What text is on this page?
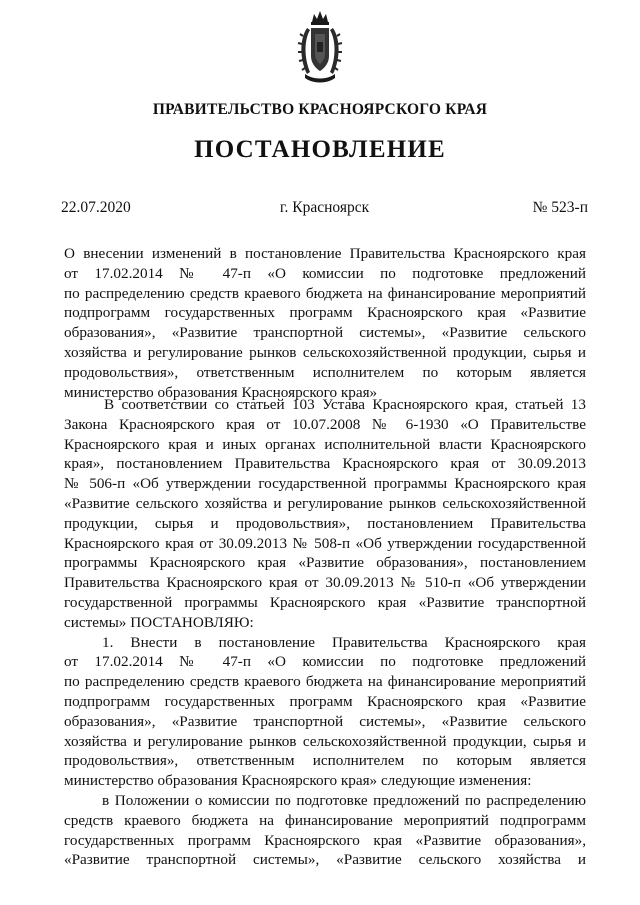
ПРАВИТЕЛЬСТВО КРАСНОЯРСКОГО КРАЯ
ПОСТАНОВЛЕНИЕ
22.07.2020	г. Красноярск	№ 523-п
О внесении изменений в постановление Правительства Красноярского края
от 17.02.2014 № 47-п «О комиссии по подготовке предложений
по распределению средств краевого бюджета на финансирование мероприятий
подпрограмм государственных программ Красноярского края «Развитие
образования», «Развитие транспортной системы», «Развитие сельского
хозяйства и регулирование рынков сельскохозяйственной продукции, сырья и
продовольствия», ответственным исполнителем по которым является
министерство образования Красноярского края»
В соответствии со статьей 103 Устава Красноярского края, статьей 13
Закона Красноярского края от 10.07.2008 № 6-1930 «О Правительстве
Красноярского края и иных органах исполнительной власти Красноярского
края», постановлением Правительства Красноярского края от 30.09.2013
№ 506-п «Об утверждении государственной программы Красноярского края
«Развитие сельского хозяйства и регулирование рынков сельскохозяйственной
продукции, сырья и продовольствия», постановлением Правительства
Красноярского края от 30.09.2013 № 508-п «Об утверждении государственной
программы Красноярского края «Развитие образования», постановлением
Правительства Красноярского края от 30.09.2013 № 510-п «Об утверждении
государственной программы Красноярского края «Развитие транспортной
системы» ПОСТАНОВЛЯЮ:
1. Внести в постановление Правительства Красноярского края
от 17.02.2014 № 47-п «О комиссии по подготовке предложений
по распределению средств краевого бюджета на финансирование мероприятий
подпрограмм государственных программ Красноярского края «Развитие
образования», «Развитие транспортной системы», «Развитие сельского
хозяйства и регулирование рынков сельскохозяйственной продукции, сырья и
продовольствия», ответственным исполнителем по которым является
министерство образования Красноярского края» следующие изменения:
в Положении о комиссии по подготовке предложений по распределению
средств краевого бюджета на финансирование мероприятий подпрограмм
государственных программ Красноярского края «Развитие образования»,
«Развитие транспортной системы», «Развитие сельского хозяйства и
